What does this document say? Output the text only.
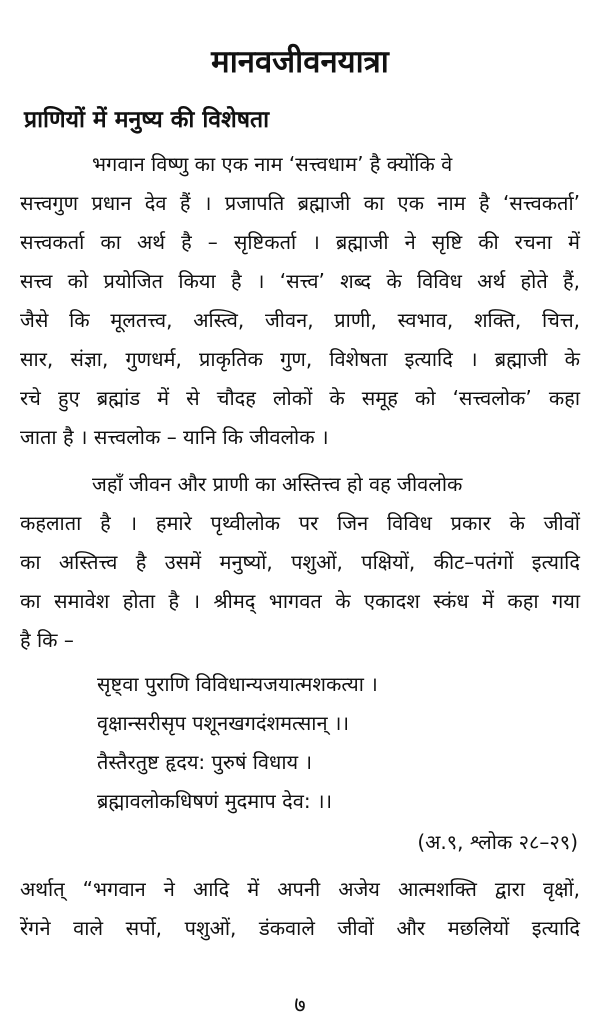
मानवजीवनयात्रा
प्राणियों में मनुष्य की विशेषता
भगवान विष्णु का एक नाम ‘सत्त्वधाम’ है क्योंकि वे
सत्त्वगुण प्रधान देव हैं । प्रजापति ब्रह्माजी का एक नाम है ‘सत्त्वकर्ता’
सत्त्वकर्ता का अर्थ है – सृष्टिकर्ता । ब्रह्माजी ने सृष्टि की रचना में
सत्त्व को प्रयोजित किया है । ‘सत्त्व’ शब्द के विविध अर्थ होते हैं,
जैसे कि मूलतत्त्व, अस्त्वि, जीवन, प्राणी, स्वभाव, शक्ति, चित्त,
सार, संज्ञा, गुणधर्म, प्राकृतिक गुण, विशेषता इत्यादि । ब्रह्माजी के
रचे हुए ब्रह्मांड में से चौदह लोकों के समूह को ‘सत्त्वलोक’ कहा
जाता है । सत्त्वलोक – यानि कि जीवलोक ।
जहाँ जीवन और प्राणी का अस्तित्त्व हो वह जीवलोक
कहलाता है । हमारे पृथ्वीलोक पर जिन विविध प्रकार के जीवों
का अस्तित्त्व है उसमें मनुष्यों, पशुओं, पक्षियों, कीट–पतंगों इत्यादि
का समावेश होता है । श्रीमद् भागवत के एकादश स्कंध में कहा गया
है कि –
सृष्ट्वा पुराणि विविधान्यजयात्मशकत्या ।
वृक्षान्सरीसृप पशूनखगदंशमत्सान् ।।
तैस्तैरतुष्ट हृदय: पुरुषं विधाय ।
ब्रह्मावलोकधिषणं मुदमाप देव: ।।
(अ.९, श्लोक २८–२९)
अर्थात् “भगवान ने आदि में अपनी अजेय आत्मशक्ति द्वारा वृक्षों,
रेंगने वाले सर्पो, पशुओं, डंकवाले जीवों और मछलियों इत्यादि
७
